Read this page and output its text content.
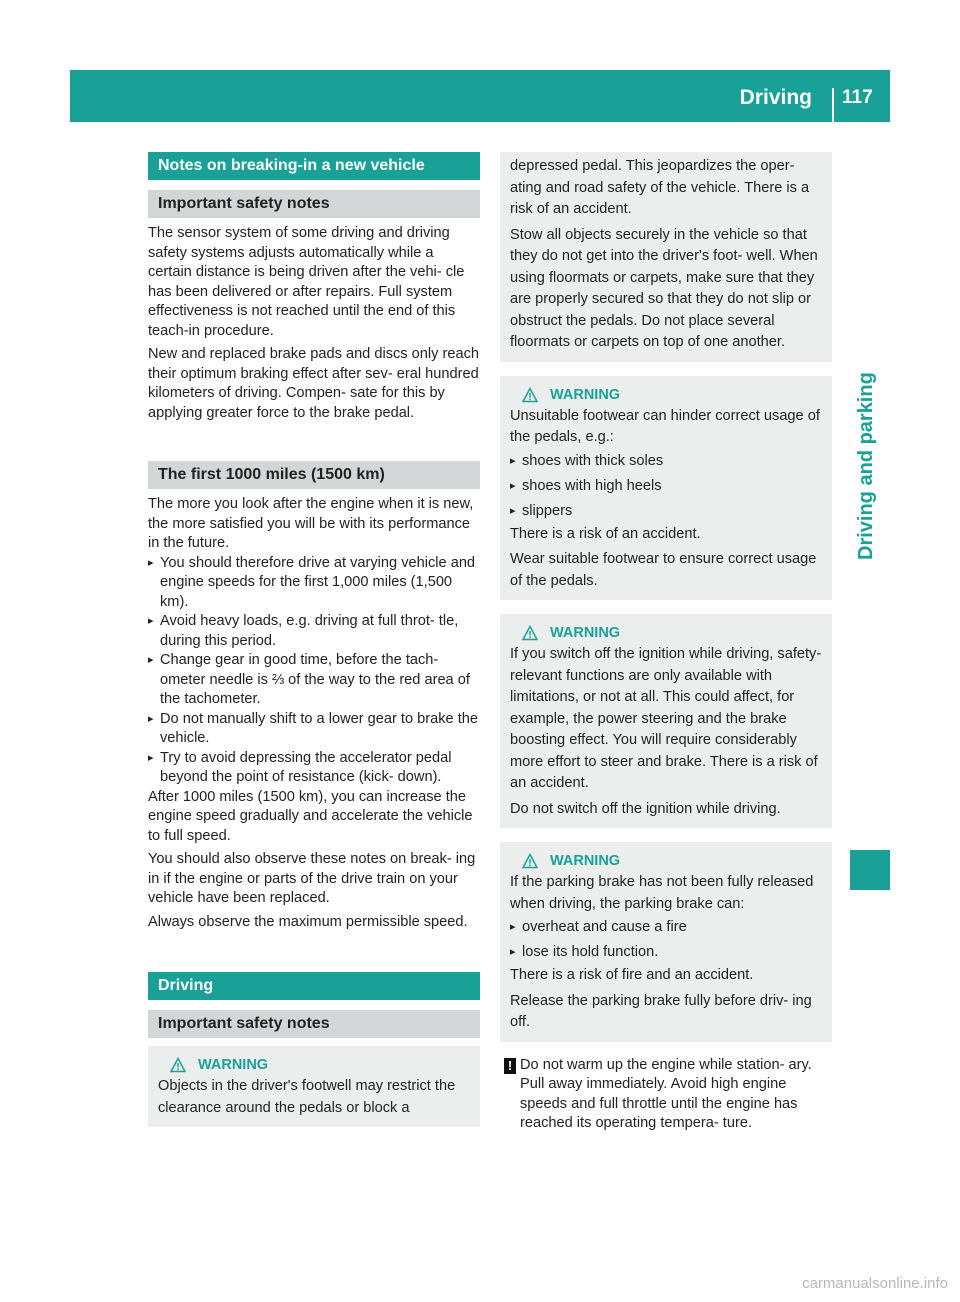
Driving	117
Driving and parking
Notes on breaking-in a new vehicle
Important safety notes

The sensor system of some driving and driving safety systems adjusts automatically while a certain distance is being driven after the vehi- cle has been delivered or after repairs. Full system effectiveness is not reached until the end of this teach-in procedure.

New and replaced brake pads and discs only reach their optimum braking effect after sev- eral hundred kilometers of driving. Compen- sate for this by applying greater force to the brake pedal.

The first 1000 miles (1500 km)

The more you look after the engine when it is new, the more satisfied you will be with its performance in the future.

▸ You should therefore drive at varying vehicle and engine speeds for the first 1,000 miles (1,500 km).
▸ Avoid heavy loads, e.g. driving at full throt- tle, during this period.
▸ Change gear in good time, before the tach- ometer needle is ⅔ of the way to the red area of the tachometer.
▸ Do not manually shift to a lower gear to brake the vehicle.
▸ Try to avoid depressing the accelerator pedal beyond the point of resistance (kick- down).

After 1000 miles (1500 km), you can increase the engine speed gradually and accelerate the vehicle to full speed.

You should also observe these notes on break- ing in if the engine or parts of the drive train on your vehicle have been replaced.

Always observe the maximum permissible speed.

Driving
Important safety notes
WARNING

Objects in the driver's footwell may restrict the clearance around the pedals or block a

depressed pedal. This jeopardizes the oper- ating and road safety of the vehicle. There is a risk of an accident.

Stow all objects securely in the vehicle so that they do not get into the driver's foot- well. When using floormats or carpets, make sure that they are properly secured so that they do not slip or obstruct the pedals. Do not place several floormats or carpets on top of one another.

WARNING

Unsuitable footwear can hinder correct usage of the pedals, e.g.:

▸ shoes with thick soles
▸ shoes with high heels
▸ slippers

There is a risk of an accident.

Wear suitable footwear to ensure correct usage of the pedals.

WARNING

If you switch off the ignition while driving, safety-relevant functions are only available with limitations, or not at all. This could affect, for example, the power steering and the brake boosting effect. You will require considerably more effort to steer and brake. There is a risk of an accident.

Do not switch off the ignition while driving.

WARNING

If the parking brake has not been fully released when driving, the parking brake can:

▸ overheat and cause a fire
▸ lose its hold function.

There is a risk of fire and an accident.

Release the parking brake fully before driv- ing off.

! Do not warm up the engine while station- ary. Pull away immediately. Avoid high engine speeds and full throttle until the engine has reached its operating tempera- ture.

carmanualsonline.info
